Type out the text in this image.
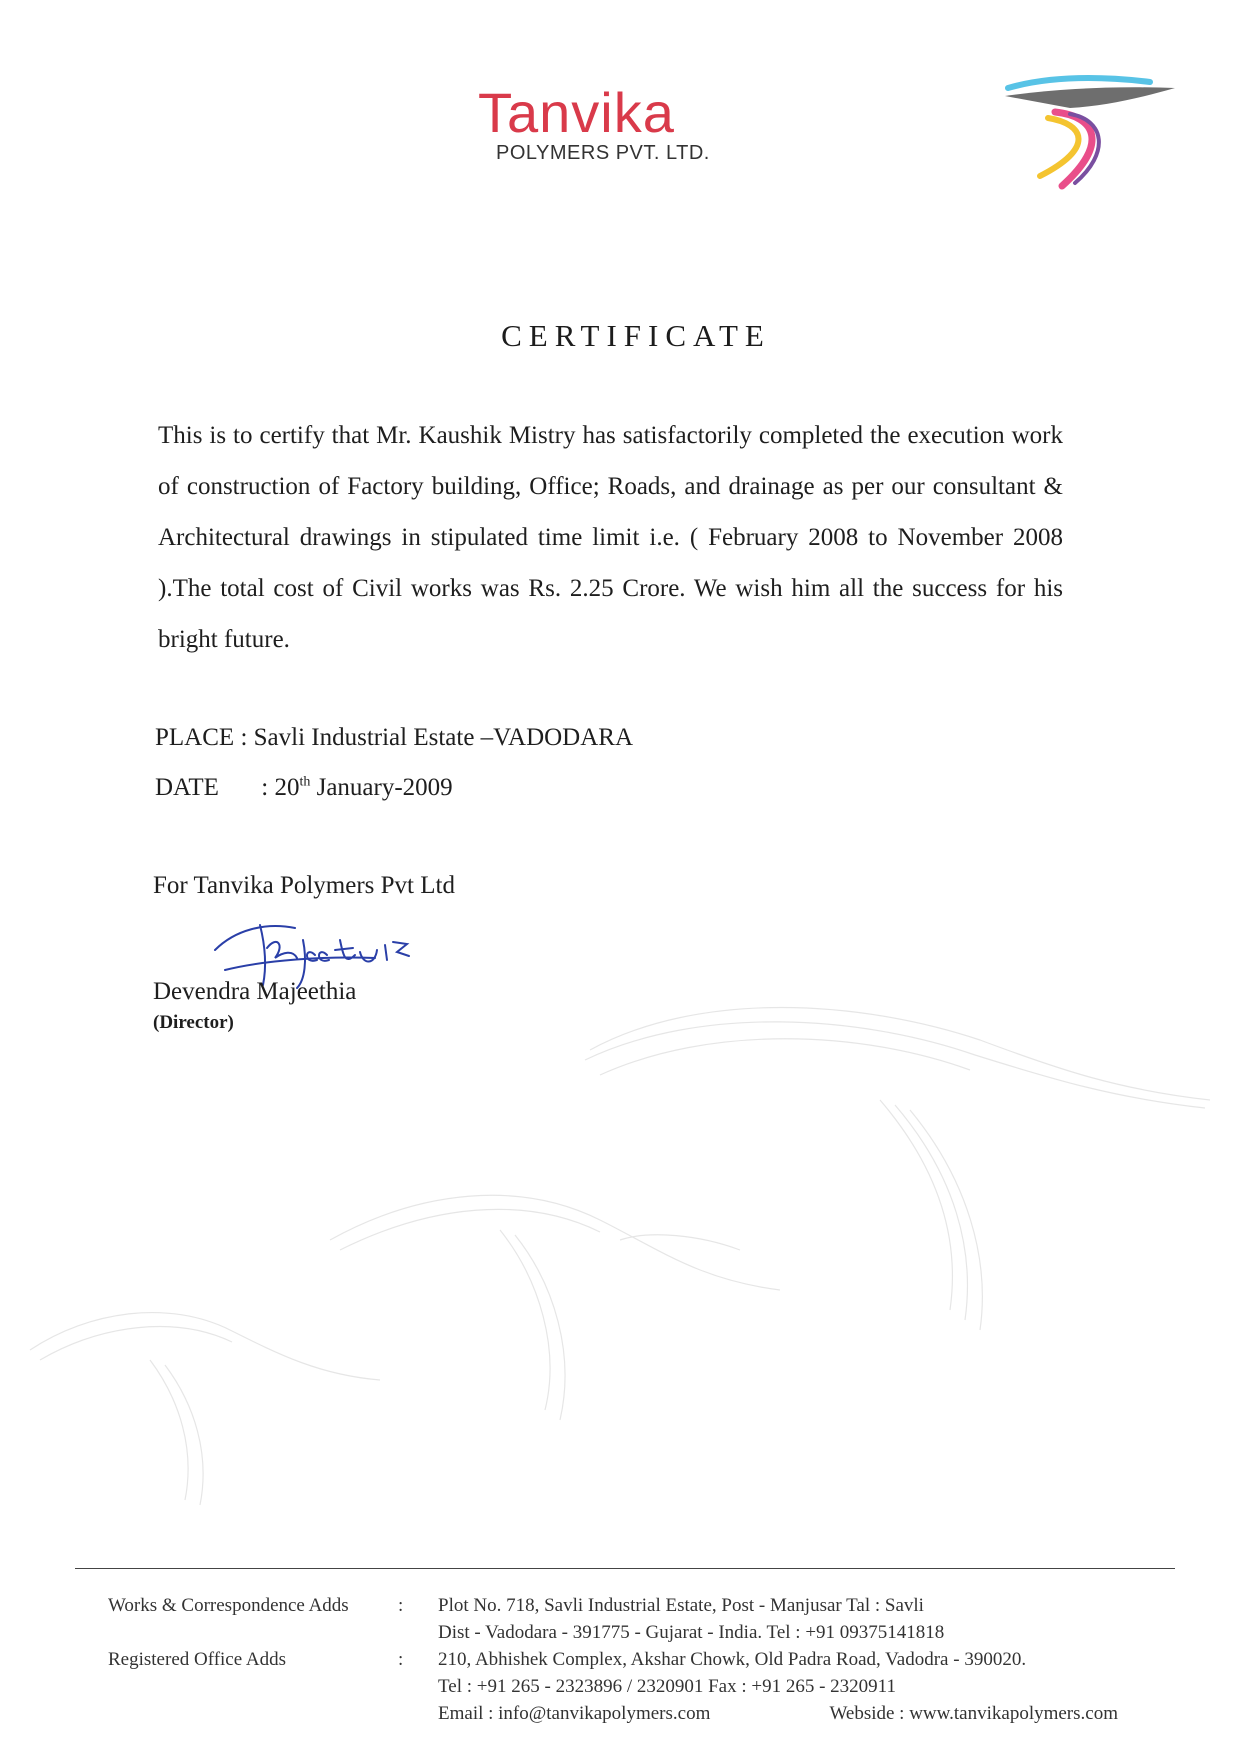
Tanvika
POLYMERS PVT. LTD.
CERTIFICATE
This is to certify that Mr. Kaushik Mistry has satisfactorily completed the execution work of construction of Factory building, Office; Roads, and drainage as per our consultant & Architectural drawings in stipulated time limit i.e. ( February 2008 to November 2008 ).The total cost of Civil works was Rs. 2.25 Crore. We wish him all the success for his bright future.
PLACE : Savli Industrial Estate –VADODARA
DATE : 20th January-2009
For Tanvika Polymers Pvt Ltd
Devendra Majeethia
(Director)
Works & Correspondence Adds	:	Plot No. 718, Savli Industrial Estate, Post - Manjusar Tal : Savli
Dist - Vadodara - 391775 - Gujarat - India. Tel : +91 09375141818
Registered Office Adds	:	210, Abhishek Complex, Akshar Chowk, Old Padra Road, Vadodra - 390020.
Tel : +91 265 - 2323896 / 2320901 Fax : +91 265 - 2320911
Email : info@tanvikapolymers.com	Webside : www.tanvikapolymers.com
